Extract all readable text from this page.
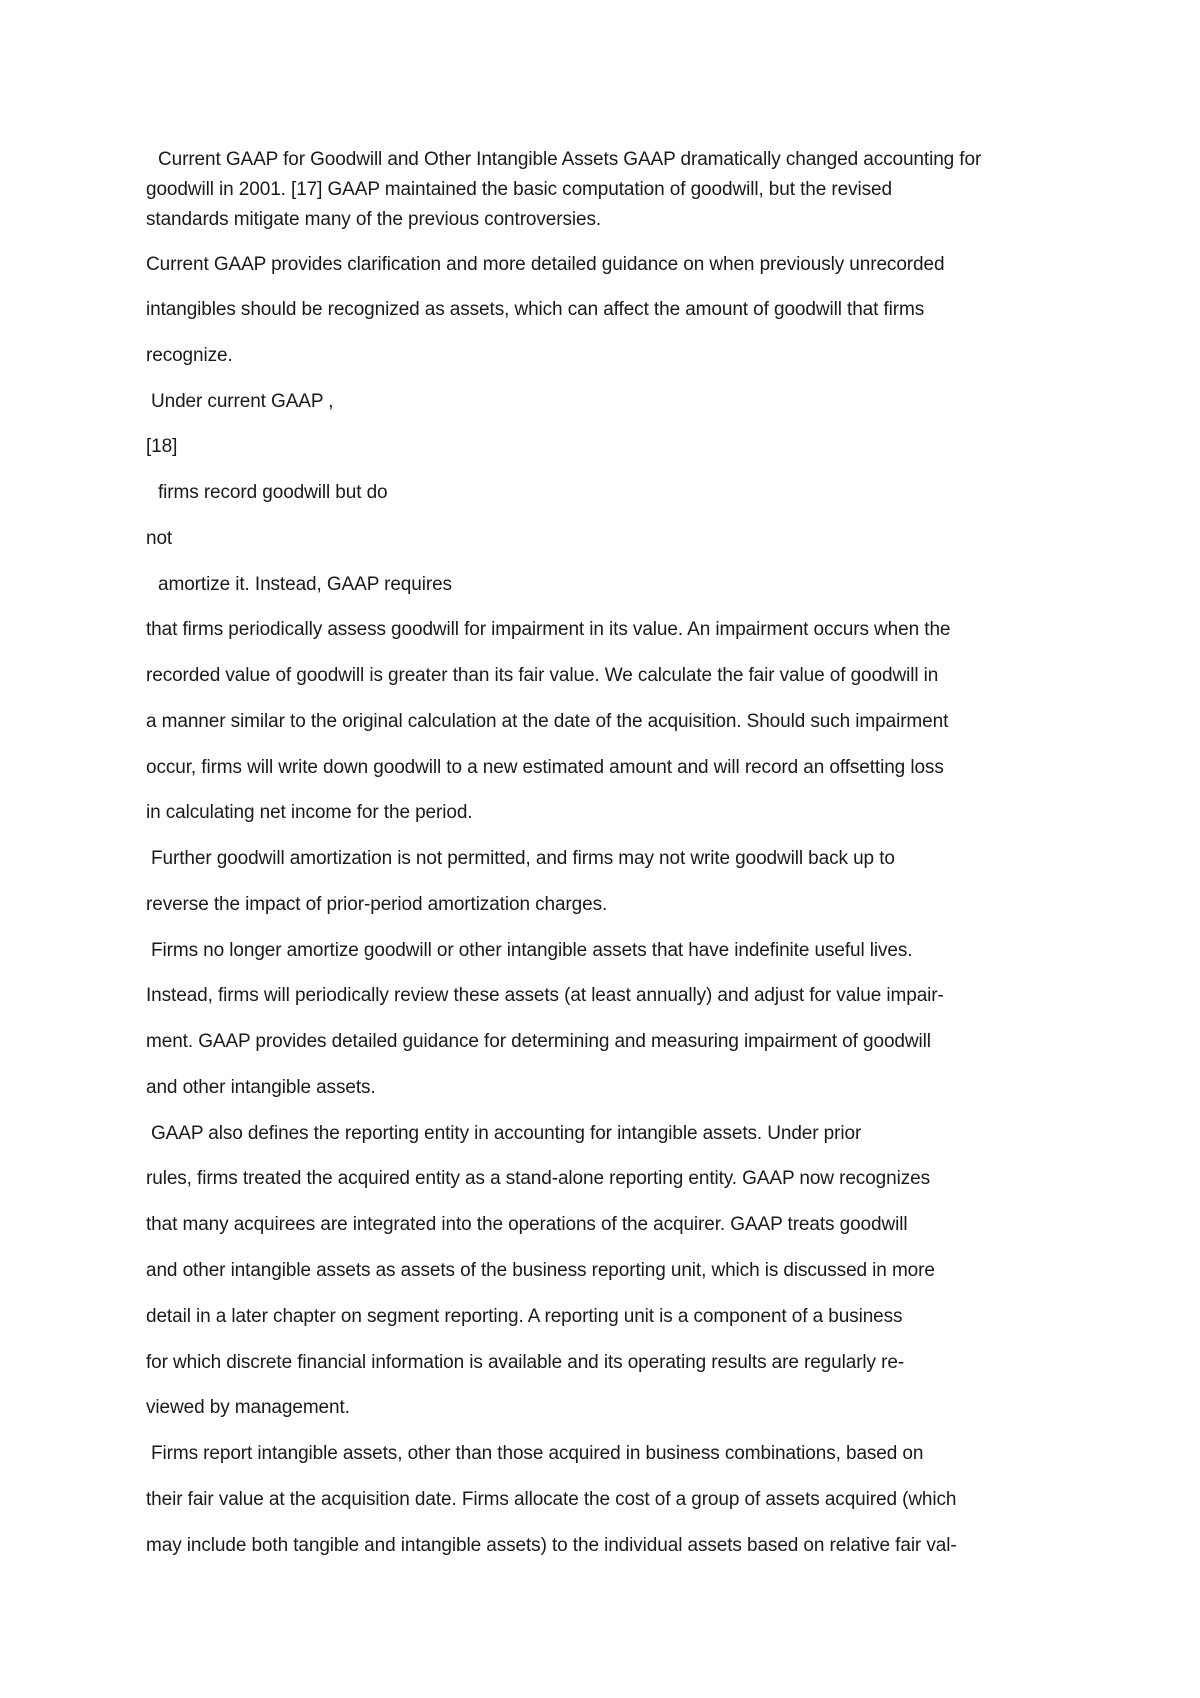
Current GAAP for Goodwill and Other Intangible Assets GAAP dramatically changed accounting for
goodwill in 2001. [17] GAAP maintained the basic computation of goodwill, but the revised
standards mitigate many of the previous controversies.
Current GAAP provides clarification and more detailed guidance on when previously unrecorded
intangibles should be recognized as assets, which can affect the amount of goodwill that firms
recognize.
Under current GAAP ,
[18]
firms record goodwill but do
not
amortize it. Instead, GAAP requires
that firms periodically assess goodwill for impairment in its value. An impairment occurs when the
recorded value of goodwill is greater than its fair value. We calculate the fair value of goodwill in
a manner similar to the original calculation at the date of the acquisition. Should such impairment
occur, firms will write down goodwill to a new estimated amount and will record an offsetting loss
in calculating net income for the period.
Further goodwill amortization is not permitted, and firms may not write goodwill back up to
reverse the impact of prior-period amortization charges.
Firms no longer amortize goodwill or other intangible assets that have indefinite useful lives.
Instead, firms will periodically review these assets (at least annually) and adjust for value impair-
ment. GAAP provides detailed guidance for determining and measuring impairment of goodwill
and other intangible assets.
GAAP also defines the reporting entity in accounting for intangible assets. Under prior
rules, firms treated the acquired entity as a stand-alone reporting entity. GAAP now recognizes
that many acquirees are integrated into the operations of the acquirer. GAAP treats goodwill
and other intangible assets as assets of the business reporting unit, which is discussed in more
detail in a later chapter on segment reporting. A reporting unit is a component of a business
for which discrete financial information is available and its operating results are regularly re-
viewed by management.
Firms report intangible assets, other than those acquired in business combinations, based on
their fair value at the acquisition date. Firms allocate the cost of a group of assets acquired (which
may include both tangible and intangible assets) to the individual assets based on relative fair val-
